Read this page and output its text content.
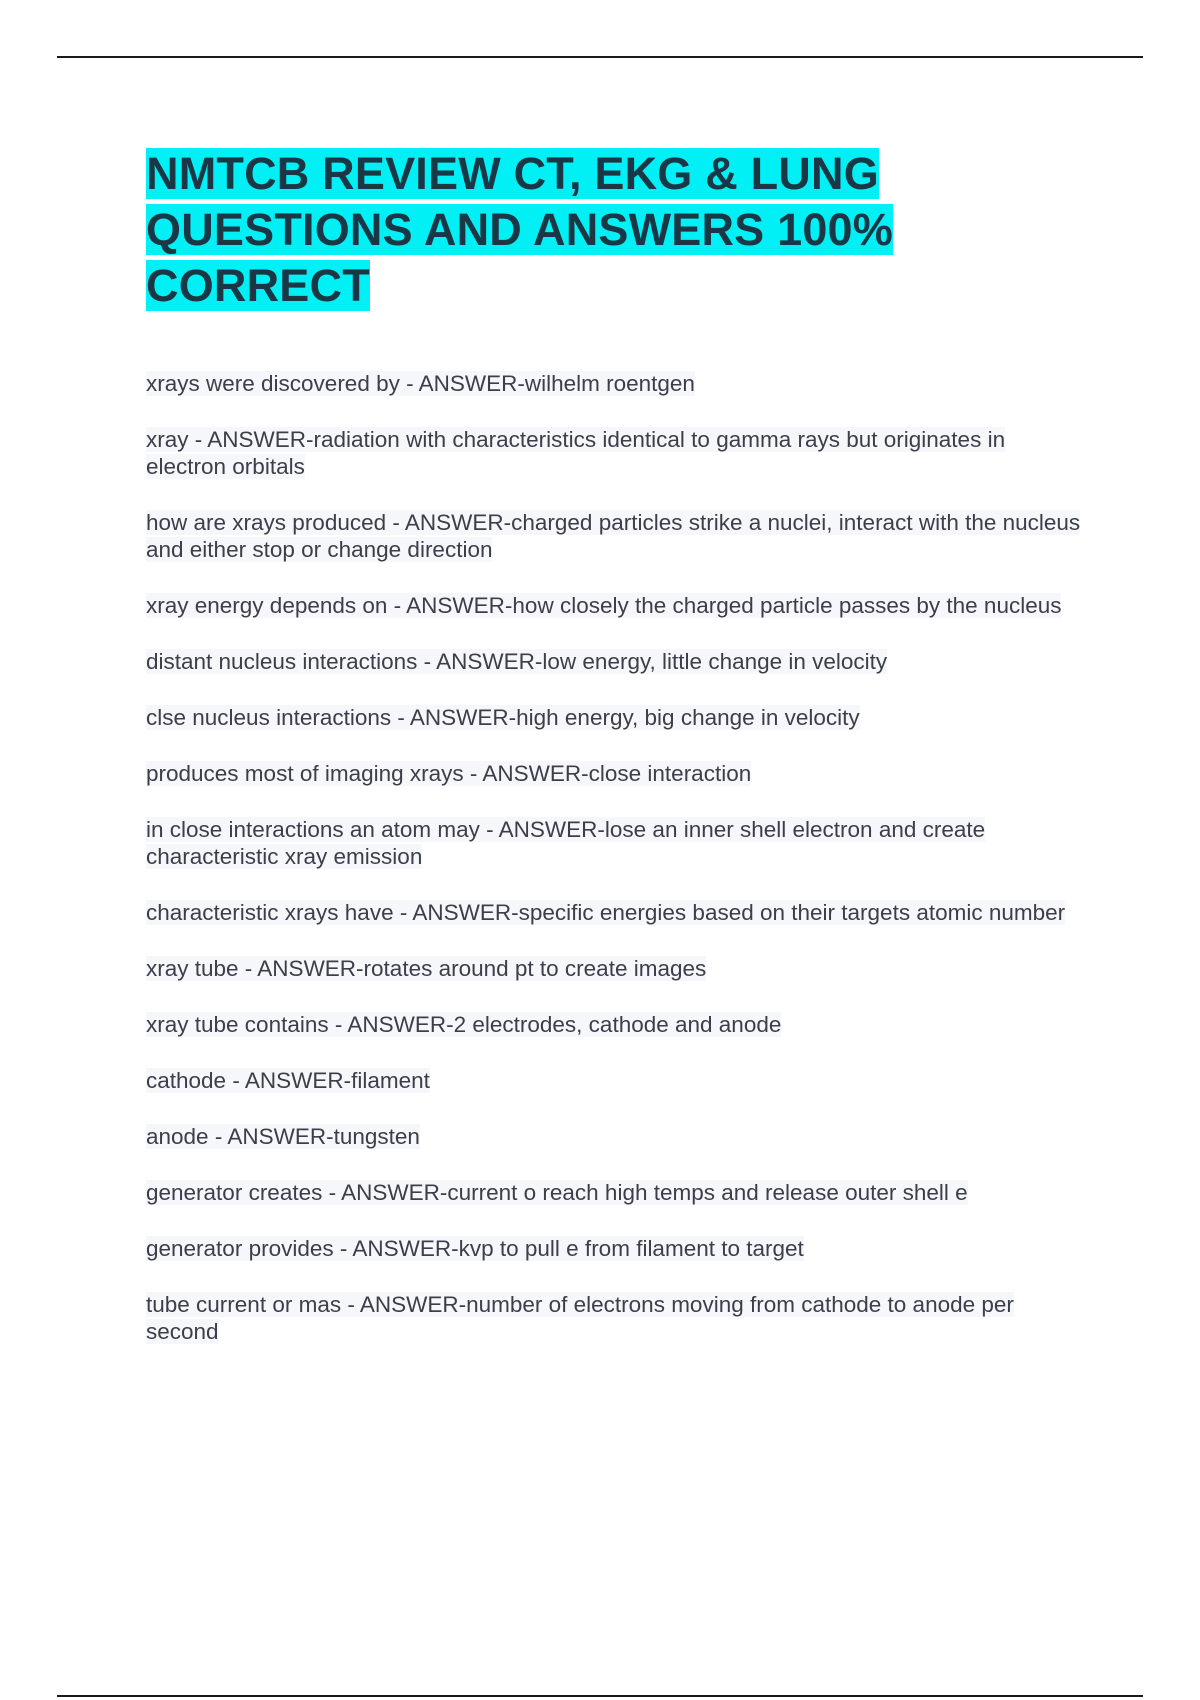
NMTCB REVIEW CT, EKG & LUNG QUESTIONS AND ANSWERS 100% CORRECT

xrays were discovered by - ANSWER-wilhelm roentgen

xray - ANSWER-radiation with characteristics identical to gamma rays but originates in electron orbitals

how are xrays produced - ANSWER-charged particles strike a nuclei, interact with the nucleus and either stop or change direction

xray energy depends on - ANSWER-how closely the charged particle passes by the nucleus

distant nucleus interactions - ANSWER-low energy, little change in velocity

clse nucleus interactions - ANSWER-high energy, big change in velocity

produces most of imaging xrays - ANSWER-close interaction

in close interactions an atom may - ANSWER-lose an inner shell electron and create characteristic xray emission

characteristic xrays have - ANSWER-specific energies based on their targets atomic number

xray tube - ANSWER-rotates around pt to create images

xray tube contains - ANSWER-2 electrodes, cathode and anode

cathode - ANSWER-filament

anode - ANSWER-tungsten

generator creates - ANSWER-current o reach high temps and release outer shell e

generator provides - ANSWER-kvp to pull e from filament to target

tube current or mas - ANSWER-number of electrons moving from cathode to anode per second
